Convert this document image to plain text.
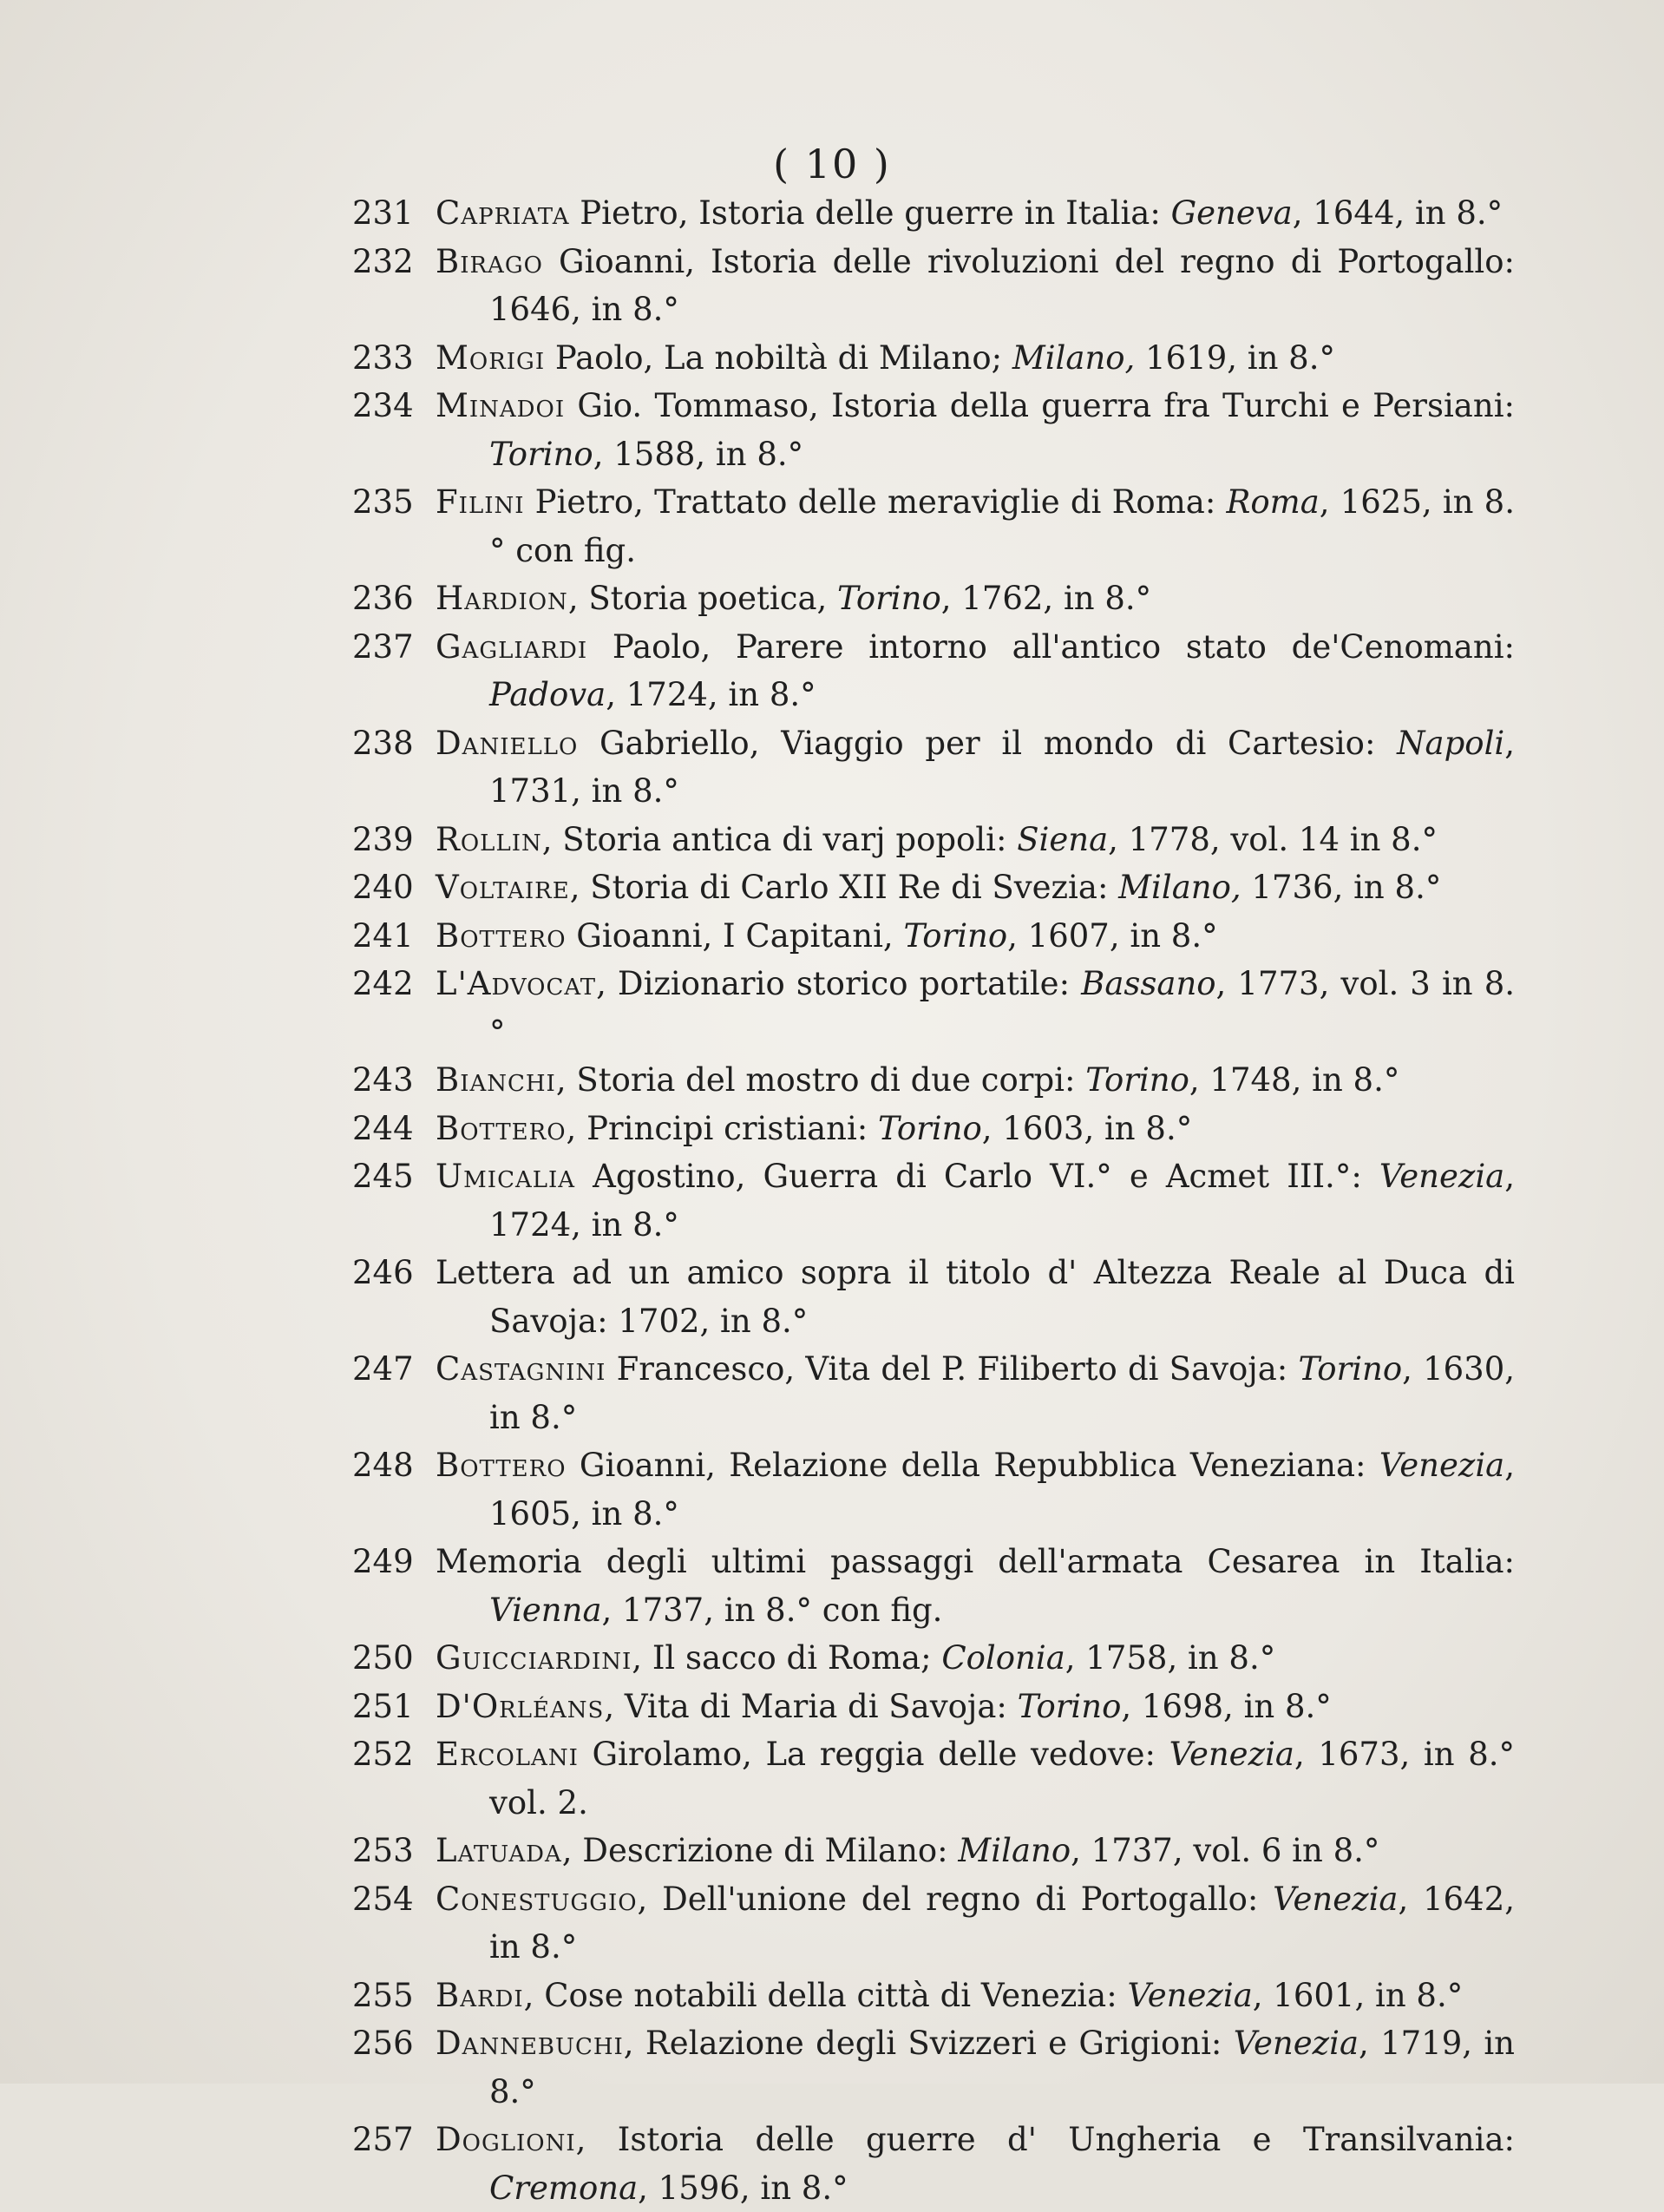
( 10 )
231 Capriata Pietro, Istoria delle guerre in Italia: Geneva, 1644, in 8.°
232 Birago Gioanni, Istoria delle rivoluzioni del regno di Portogallo: 1646, in 8.°
233 Morigi Paolo, La nobiltà di Milano; Milano, 1619, in 8.°
234 Minadoi Gio. Tommaso, Istoria della guerra fra Turchi e Persiani: Torino, 1588, in 8.°
235 Filini Pietro, Trattato delle meraviglie di Roma: Roma, 1625, in 8.° con fig.
236 Hardion, Storia poetica, Torino, 1762, in 8.°
237 Gagliardi Paolo, Parere intorno all'antico stato de'Cenomani: Padova, 1724, in 8.°
238 Daniello Gabriello, Viaggio per il mondo di Cartesio: Napoli, 1731, in 8.°
239 Rollin, Storia antica di varj popoli: Siena, 1778, vol. 14 in 8.°
240 Voltaire, Storia di Carlo XII Re di Svezia: Milano, 1736, in 8.°
241 Bottero Gioanni, I Capitani, Torino, 1607, in 8.°
242 L'Advocat, Dizionario storico portatile: Bassano, 1773, vol. 3 in 8.°
243 Bianchi, Storia del mostro di due corpi: Torino, 1748, in 8.°
244 Bottero, Principi cristiani: Torino, 1603, in 8.°
245 Umicalia Agostino, Guerra di Carlo VI.° e Acmet III.°: Venezia, 1724, in 8.°
246 Lettera ad un amico sopra il titolo d' Altezza Reale al Duca di Savoja: 1702, in 8.°
247 Castagnini Francesco, Vita del P. Filiberto di Savoja: Torino, 1630, in 8.°
248 Bottero Gioanni, Relazione della Repubblica Veneziana: Venezia, 1605, in 8.°
249 Memoria degli ultimi passaggi dell'armata Cesarea in Italia: Vienna, 1737, in 8.° con fig.
250 Guicciardini, Il sacco di Roma; Colonia, 1758, in 8.°
251 D'Orléans, Vita di Maria di Savoja: Torino, 1698, in 8.°
252 Ercolani Girolamo, La reggia delle vedove: Venezia, 1673, in 8.° vol. 2.
253 Latuada, Descrizione di Milano: Milano, 1737, vol. 6 in 8.°
254 Conestuggio, Dell'unione del regno di Portogallo: Venezia, 1642, in 8.°
255 Bardi, Cose notabili della città di Venezia: Venezia, 1601, in 8.°
256 Dannebuchi, Relazione degli Svizzeri e Grigioni: Venezia, 1719, in 8.°
257 Doglioni, Istoria delle guerre d' Ungheria e Transilvania: Cremona, 1596, in 8.°
